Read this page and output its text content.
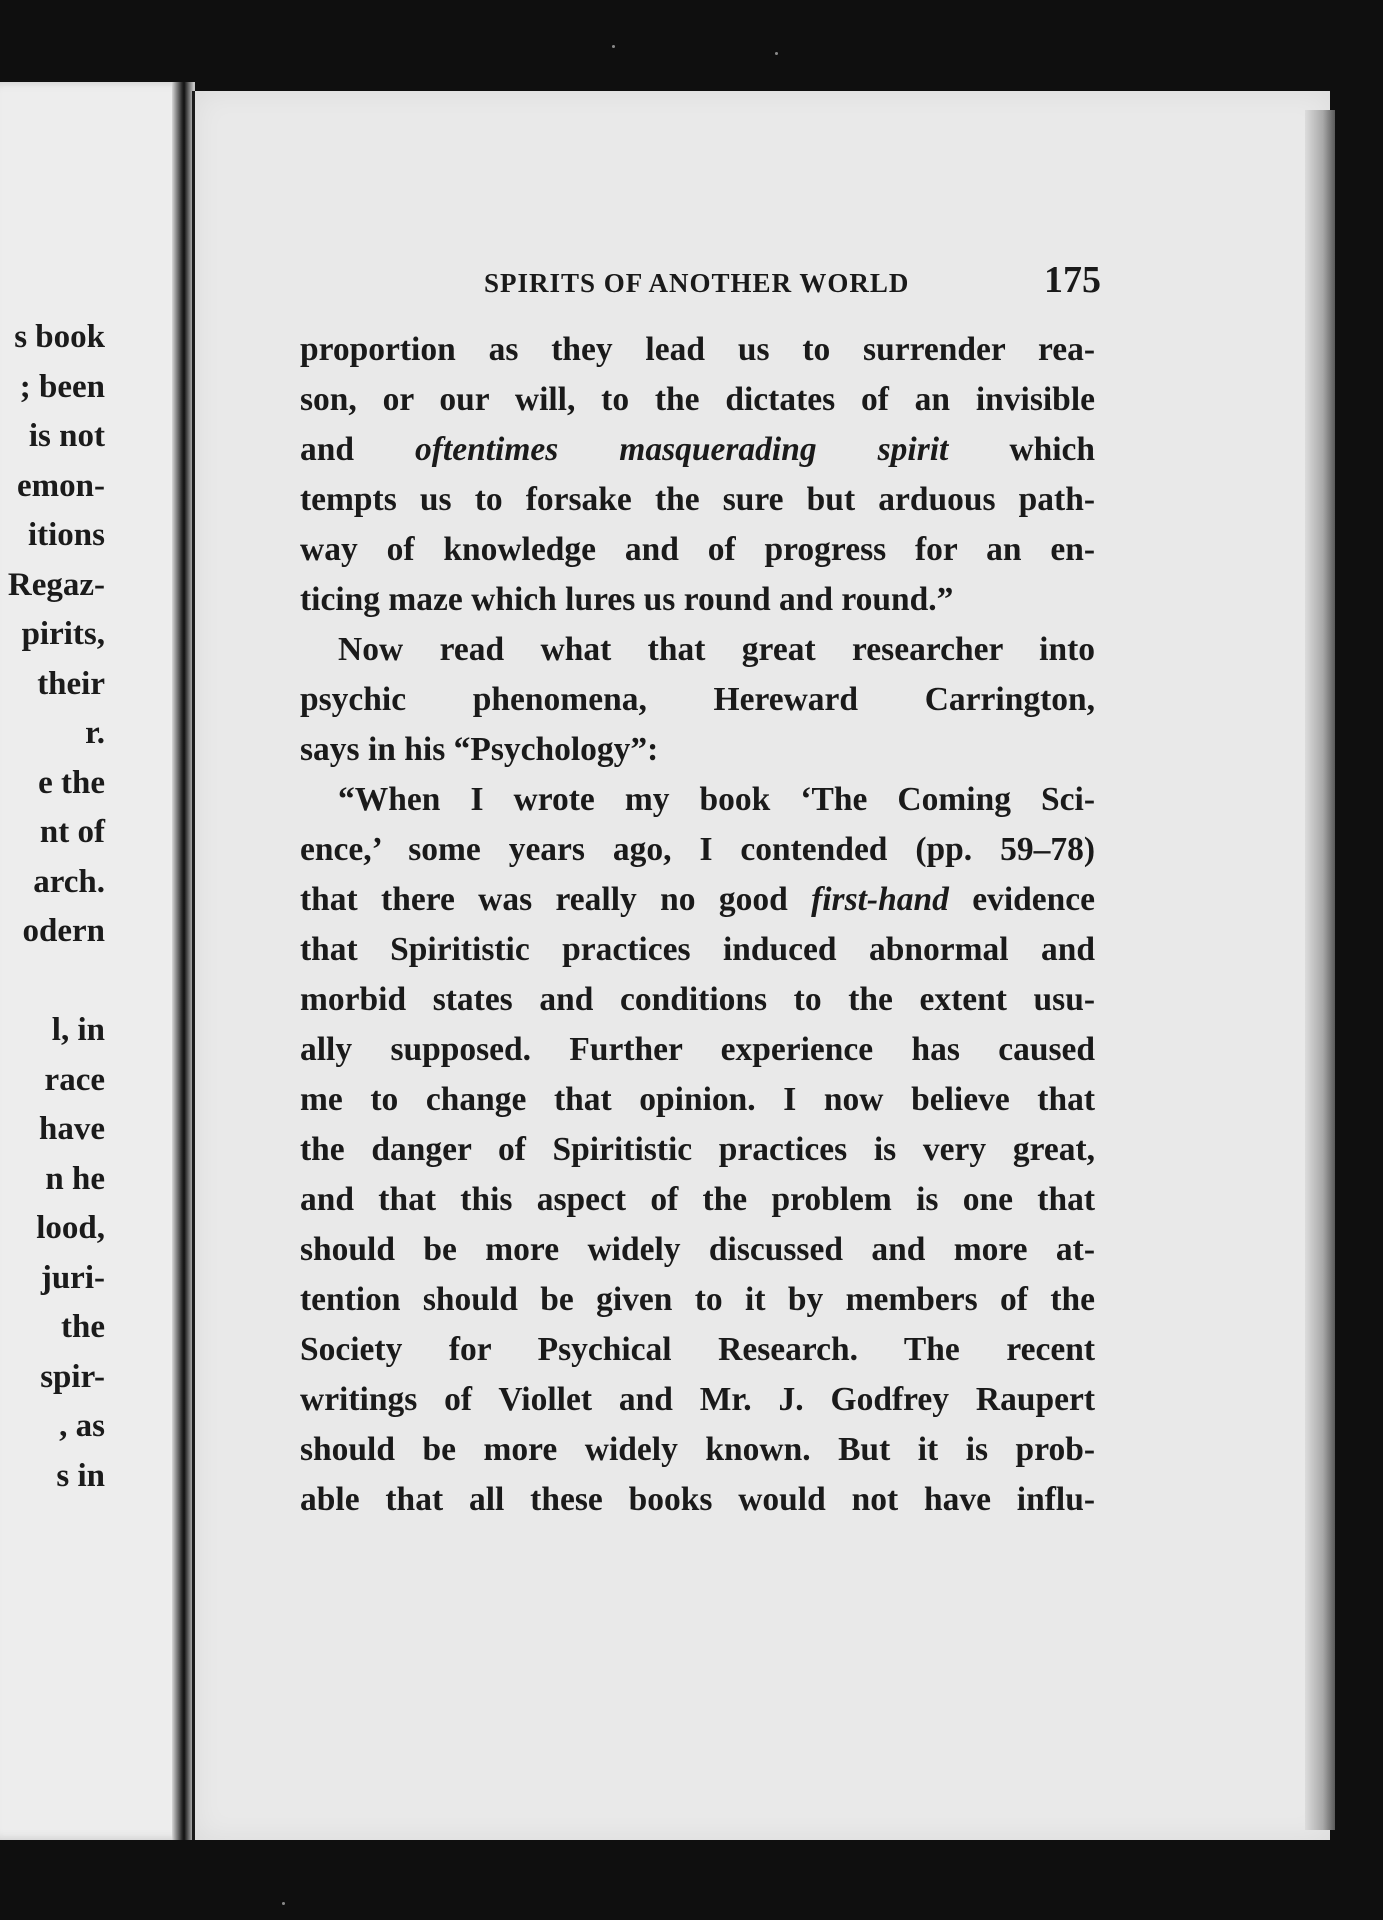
s book
; been
is not
emon-
itions
Regaz-
pirits,
their
r.
e the
nt of
arch.
odern

l, in
race
have
n he
lood,
juri-
the
spir-
, as
s in
SPIRITS OF ANOTHER WORLD	175
proportion as they lead us to surrender rea-
son, or our will, to the dictates of an invisible
and oftentimes masquerading spirit which
tempts us to forsake the sure but arduous path-
way of knowledge and of progress for an en-
ticing maze which lures us round and round.”
Now read what that great researcher into
psychic phenomena, Hereward Carrington,
says in his “Psychology”:
“When I wrote my book ‘The Coming Sci-
ence,’ some years ago, I contended (pp. 59–78)
that there was really no good first-hand evidence
that Spiritistic practices induced abnormal and
morbid states and conditions to the extent usu-
ally supposed. Further experience has caused
me to change that opinion. I now believe that
the danger of Spiritistic practices is very great,
and that this aspect of the problem is one that
should be more widely discussed and more at-
tention should be given to it by members of the
Society for Psychical Research. The recent
writings of Viollet and Mr. J. Godfrey Raupert
should be more widely known. But it is prob-
able that all these books would not have influ-
